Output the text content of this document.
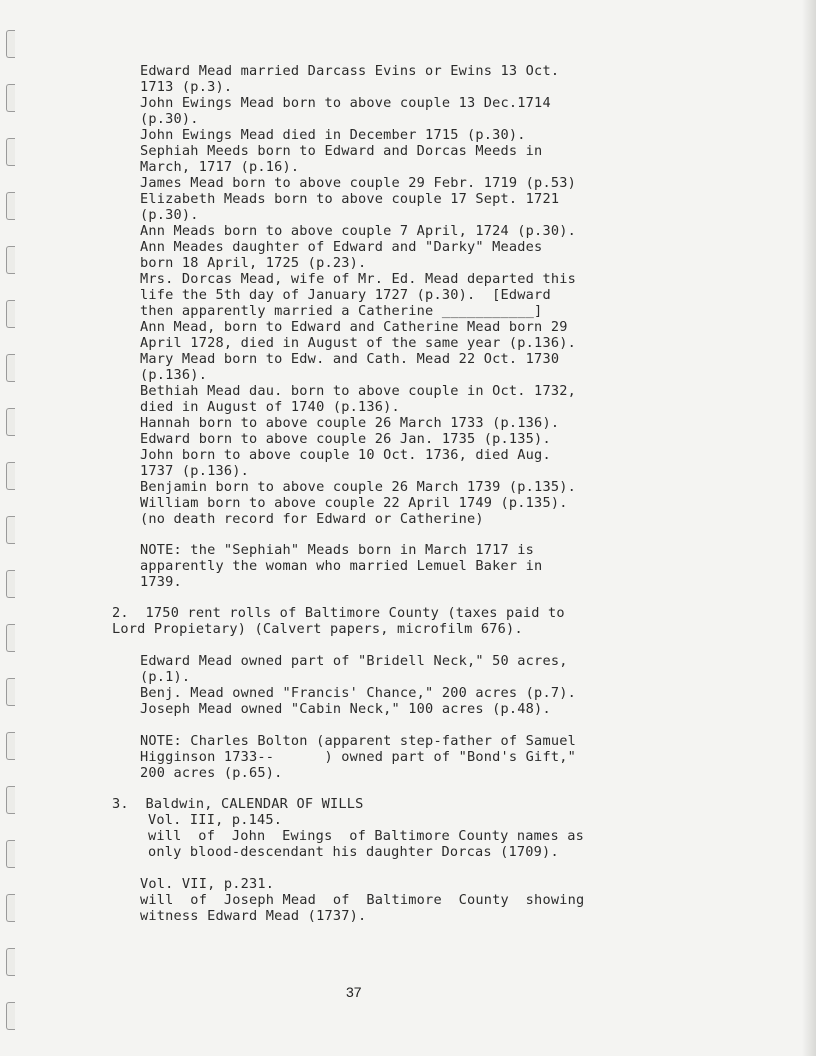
Edward Mead married Darcass Evins or Ewins 13 Oct.
1713 (p.3).
John Ewings Mead born to above couple 13 Dec.1714
(p.30).
John Ewings Mead died in December 1715 (p.30).
Sephiah Meeds born to Edward and Dorcas Meeds in
March, 1717 (p.16).
James Mead born to above couple 29 Febr. 1719 (p.53)
Elizabeth Meads born to above couple 17 Sept. 1721
(p.30).
Ann Meads born to above couple 7 April, 1724 (p.30).
Ann Meades daughter of Edward and "Darky" Meades
born 18 April, 1725 (p.23).
Mrs. Dorcas Mead, wife of Mr. Ed. Mead departed this
life the 5th day of January 1727 (p.30).  [Edward
then apparently married a Catherine ___________]
Ann Mead, born to Edward and Catherine Mead born 29
April 1728, died in August of the same year (p.136).
Mary Mead born to Edw. and Cath. Mead 22 Oct. 1730
(p.136).
Bethiah Mead dau. born to above couple in Oct. 1732,
died in August of 1740 (p.136).
Hannah born to above couple 26 March 1733 (p.136).
Edward born to above couple 26 Jan. 1735 (p.135).
John born to above couple 10 Oct. 1736, died Aug.
1737 (p.136).
Benjamin born to above couple 26 March 1739 (p.135).
William born to above couple 22 April 1749 (p.135).
(no death record for Edward or Catherine)
NOTE: the "Sephiah" Meads born in March 1717 is
apparently the woman who married Lemuel Baker in
1739.
2.  1750 rent rolls of Baltimore County (taxes paid to
Lord Propietary) (Calvert papers, microfilm 676).
Edward Mead owned part of "Bridell Neck," 50 acres,
(p.1).
Benj. Mead owned "Francis' Chance," 200 acres (p.7).
Joseph Mead owned "Cabin Neck," 100 acres (p.48).
NOTE: Charles Bolton (apparent step-father of Samuel
Higginson 1733--      ) owned part of "Bond's Gift,"
200 acres (p.65).
3.  Baldwin, CALENDAR OF WILLS
Vol. III, p.145.
will  of  John  Ewings  of Baltimore County names as
only blood-descendant his daughter Dorcas (1709).
Vol. VII, p.231.
will  of  Joseph Mead  of  Baltimore  County  showing
witness Edward Mead (1737).
37
